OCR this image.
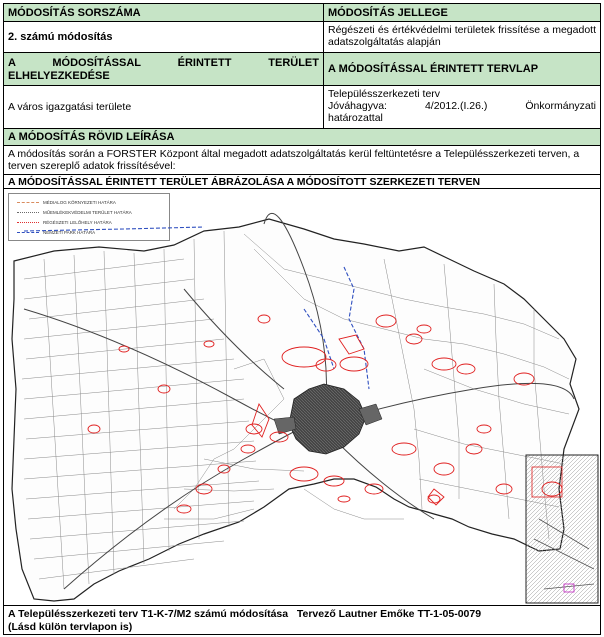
MÓDOSÍTÁS SORSZÁMA	MÓDOSÍTÁS JELLEGE
2. számú módosítás
Régészeti és értékvédelmi területek frissítése a megadott adatszolgáltatás alapján
A MÓDOSÍTÁSSAL ÉRINTETT TERÜLET ELHELYEZKEDÉSE
A MÓDOSÍTÁSSAL ÉRINTETT TERVLAP
A város igazgatási területe
Településszerkezeti terv
Jóváhagyva: 4/2012.(I.26.) Önkormányzati
határozattal
A MÓDOSÍTÁS RÖVID LEÍRÁSA
A módosítás során a FORSTER Központ által megadott adatszolgáltatás kerül feltüntetésre a Településszerkezeti terven, a terven szereplő adatok frissítésével:
A MÓDOSÍTÁSSAL ÉRINTETT TERÜLET ÁBRÁZOLÁSA A MÓDOSÍTOTT SZERKEZETI TERVEN
MÉDIALOG KÖRNYEZETI HATÁRA
MŰEMLÉKEKVÉDELMI TERÜLET HATÁRA
RÉGÉSZETI LELŐHELY HATÁRA
NEMZETI PARK HATÁRA
A Településszerkezeti terv T1-K-7/M2 számú módosítása   Tervező Lautner Emőke TT-1-05-0079
(Lásd külön tervlapon is)
